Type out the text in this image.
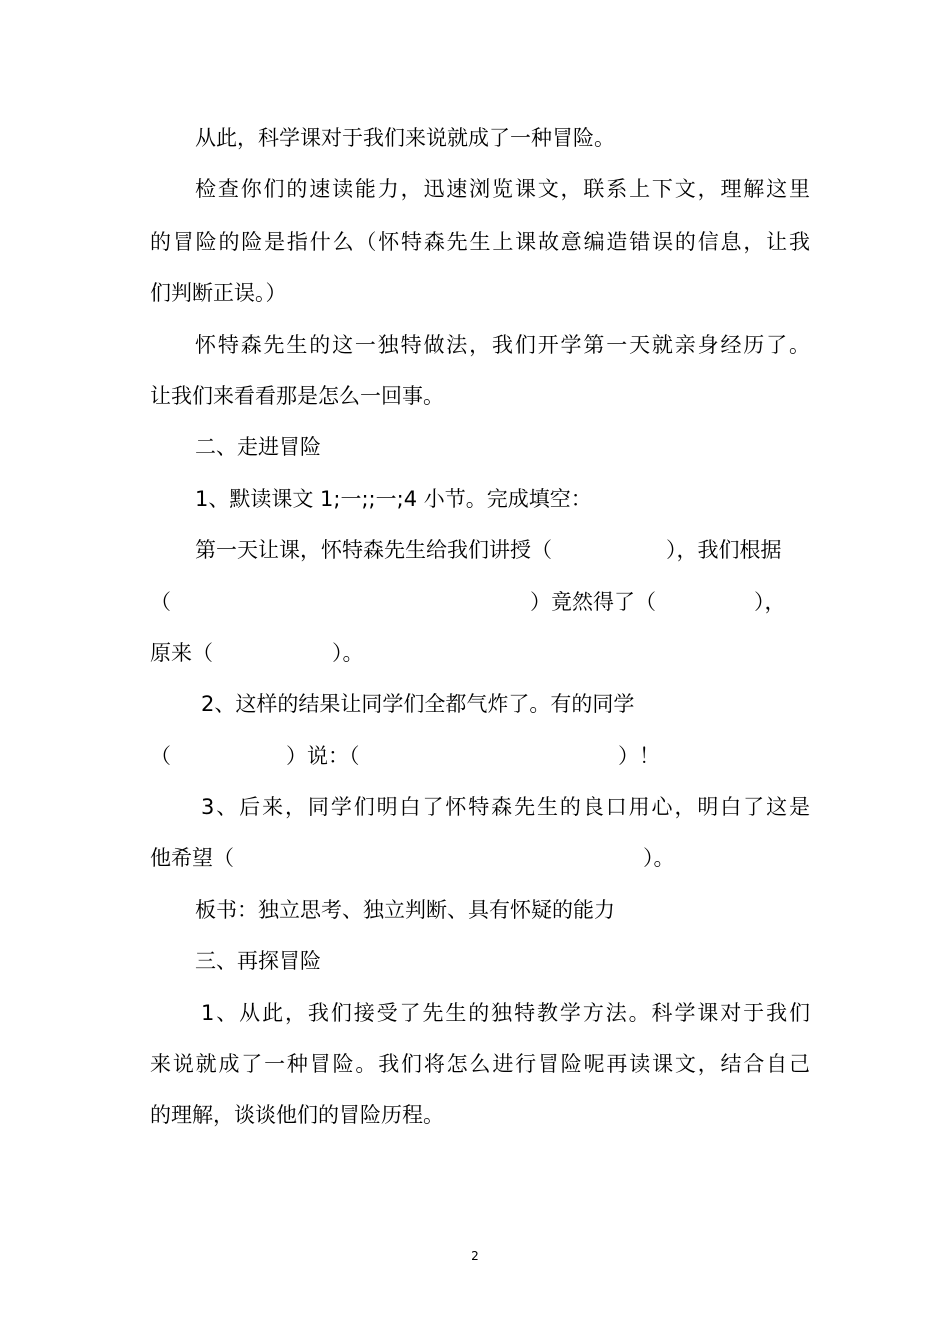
从此，科学课对于我们来说就成了一种冒险。
检查你们的速读能力，迅速浏览课文，联系上下文，理解这里
的冒险的险是指什么（怀特森先生上课故意编造错误的信息，让我
们判断正误。）
怀特森先生的这一独特做法，我们开学第一天就亲身经历了。
让我们来看看那是怎么一回事。
二、走进冒险
1、默读课文 1;一;;一;4 小节。完成填空：
第一天让课，怀特森先生给我们讲授（	），我们根据
（	）竟然得了（	），
原来（	）。
2、这样的结果让同学们全都气炸了。有的同学
（	）说：（	）！
3、后来，同学们明白了怀特森先生的良口用心，明白了这是
他希望（	）。
板书：独立思考、独立判断、具有怀疑的能力
三、再探冒险
1、从此，我们接受了先生的独特教学方法。科学课对于我们
来说就成了一种冒险。我们将怎么进行冒险呢再读课文，结合自己
的理解，谈谈他们的冒险历程。
2
